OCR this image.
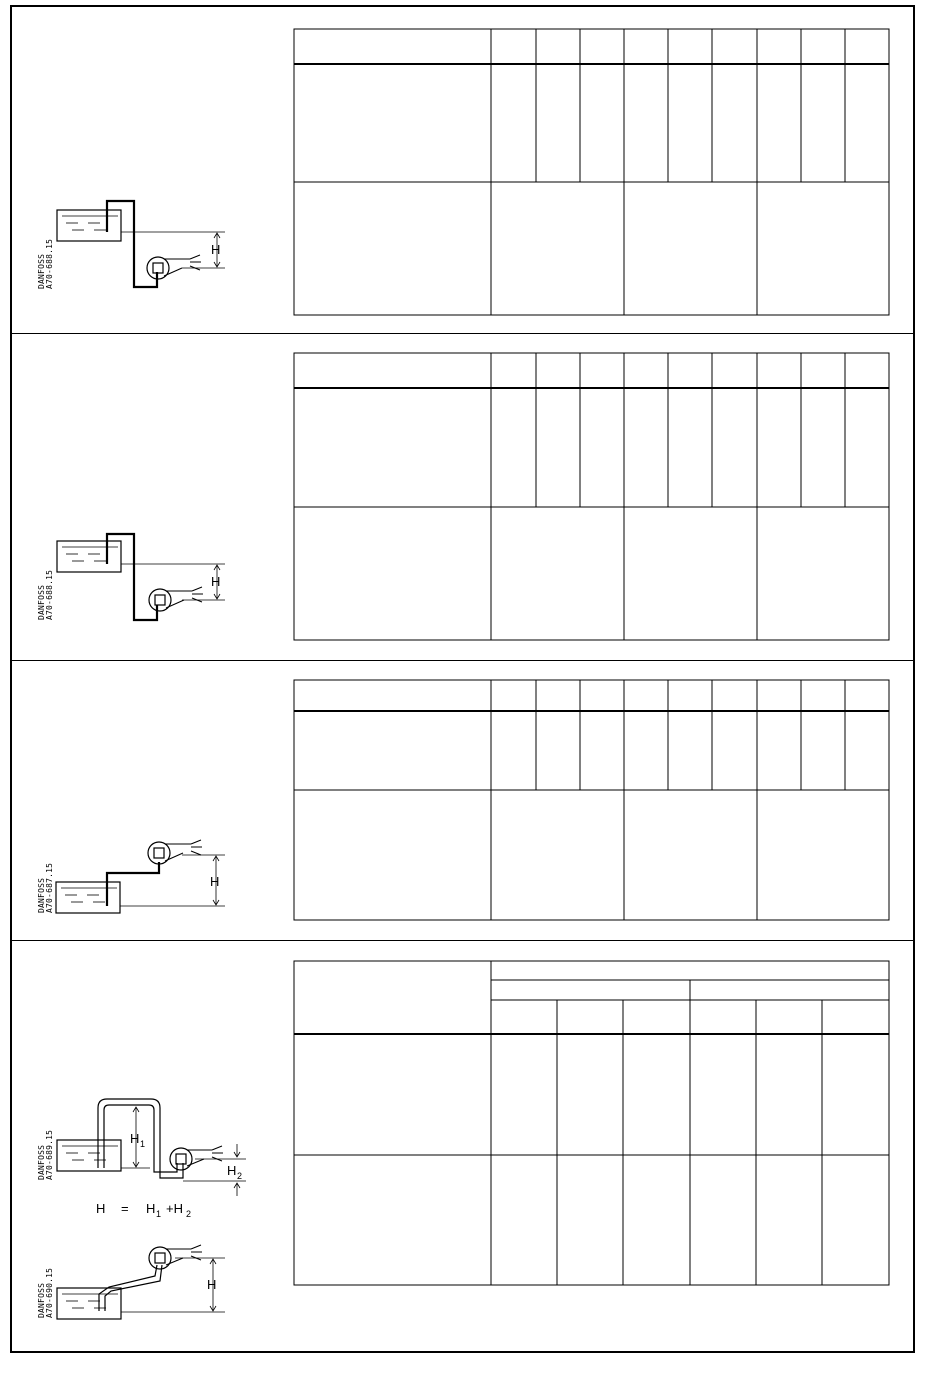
DANFOSS A70-688.15	H
DANFOSS A70-688.15	H
DANFOSS A70-687.15	H
DANFOSS A70-689.15	H 1
H 2
H = H 1 +H 2
DANFOSS A70-690.15	H
